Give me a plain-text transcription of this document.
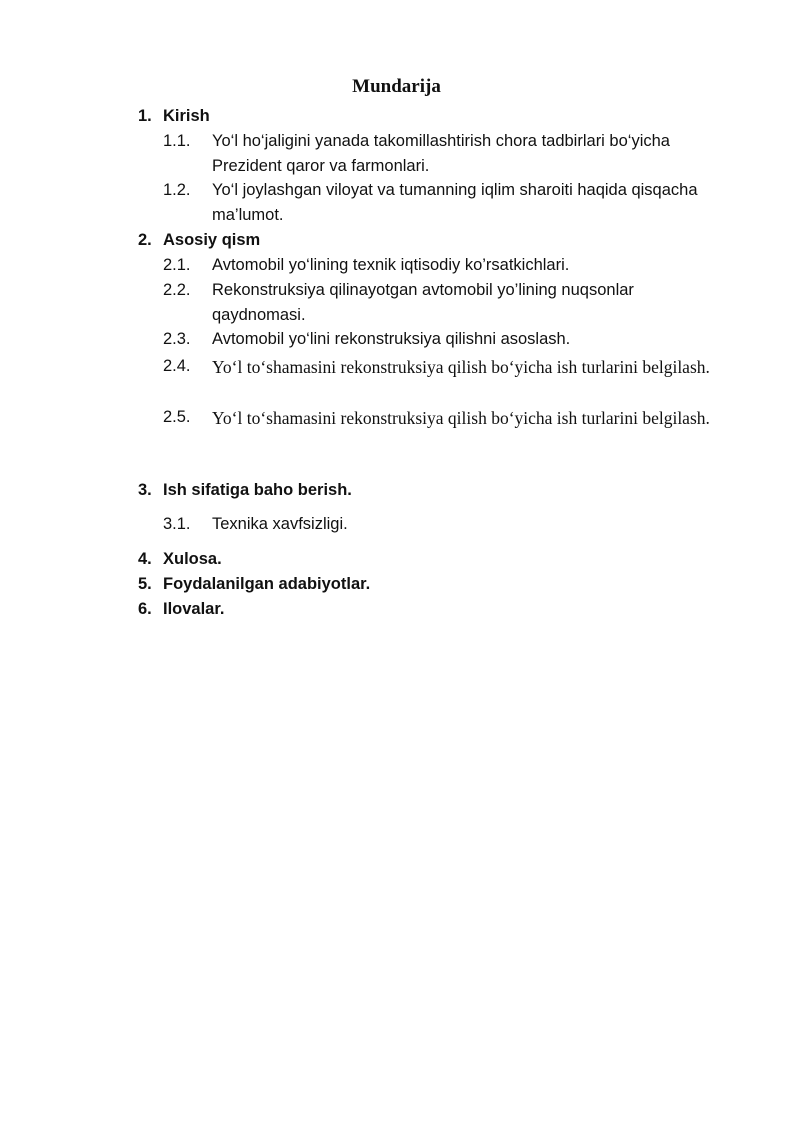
Mundarija
1. Kirish
1.1. Yo‘l ho‘jaligini yanada takomillashtirish chora tadbirlari bo‘yicha Prezident qaror va farmonlari.
1.2. Yo‘l joylashgan viloyat va tumanning iqlim sharoiti haqida qisqacha ma’lumot.
2. Asosiy qism
2.1. Avtomobil yo‘lining texnik iqtisodiy ko’rsatkichlari.
2.2. Rekonstruksiya qilinayotgan avtomobil yo’lining nuqsonlar qaydnomasi.
2.3. Avtomobil yo‘lini rekonstruksiya qilishni asoslash.
2.4. Yo‘l to‘shamasini rekonstruksiya qilish bo‘yicha ish turlarini belgilash.
2.5. Yo‘l to‘shamasini rekonstruksiya qilish bo‘yicha ish turlarini belgilash.
3. Ish sifatiga baho berish.
3.1. Texnika xavfsizligi.
4. Xulosa.
5. Foydalanilgan adabiyotlar.
6. Ilovalar.
